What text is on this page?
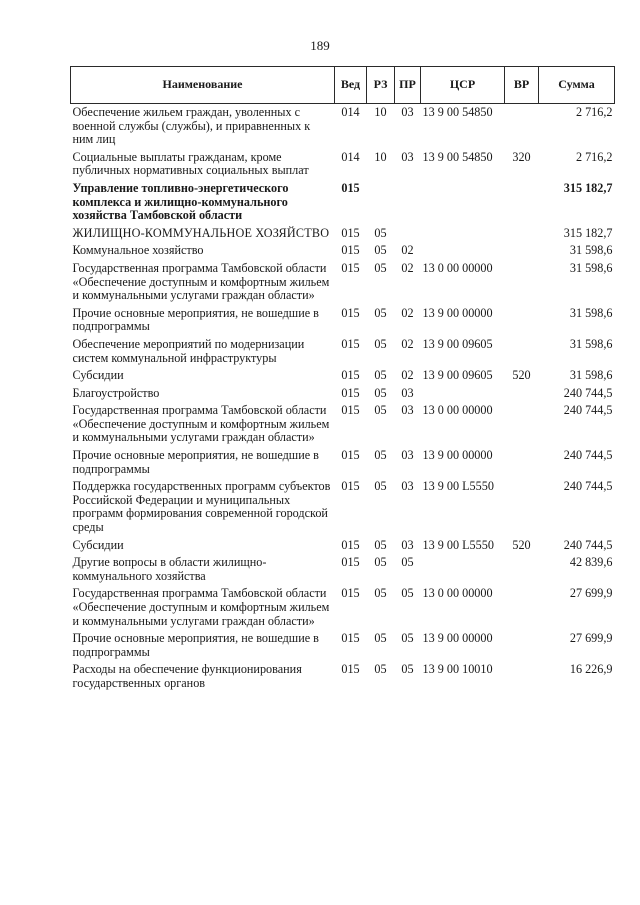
189
Наименование	Вед	РЗ	ПР	ЦСР	ВР	Сумма
Обеспечение жильем граждан, уволенных с военной службы (службы), и приравненных к ним лиц	014	10	03	13 9 00 54850		2 716,2
Социальные выплаты гражданам, кроме публичных нормативных социальных выплат	014	10	03	13 9 00 54850	320	2 716,2
Управление топливно-энергетического комплекса и жилищно-коммунального хозяйства Тамбовской области	015					315 182,7
ЖИЛИЩНО-КОММУНАЛЬНОЕ ХОЗЯЙСТВО	015	05				315 182,7
Коммунальное хозяйство	015	05	02			31 598,6
Государственная программа Тамбовской области «Обеспечение доступным и комфортным жильем и коммунальными услугами граждан области»	015	05	02	13 0 00 00000		31 598,6
Прочие основные мероприятия, не вошедшие в подпрограммы	015	05	02	13 9 00 00000		31 598,6
Обеспечение мероприятий по модернизации систем коммунальной инфраструктуры	015	05	02	13 9 00 09605		31 598,6
Субсидии	015	05	02	13 9 00 09605	520	31 598,6
Благоустройство	015	05	03			240 744,5
Государственная программа Тамбовской области «Обеспечение доступным и комфортным жильем и коммунальными услугами граждан области»	015	05	03	13 0 00 00000		240 744,5
Прочие основные мероприятия, не вошедшие в подпрограммы	015	05	03	13 9 00 00000		240 744,5
Поддержка государственных программ субъектов Российской Федерации и муниципальных программ формирования современной городской среды	015	05	03	13 9 00 L5550		240 744,5
Субсидии	015	05	03	13 9 00 L5550	520	240 744,5
Другие вопросы в области жилищно-коммунального хозяйства	015	05	05			42 839,6
Государственная программа Тамбовской области «Обеспечение доступным и комфортным жильем и коммунальными услугами граждан области»	015	05	05	13 0 00 00000		27 699,9
Прочие основные мероприятия, не вошедшие в подпрограммы	015	05	05	13 9 00 00000		27 699,9
Расходы на обеспечение функционирования государственных органов	015	05	05	13 9 00 10010		16 226,9
